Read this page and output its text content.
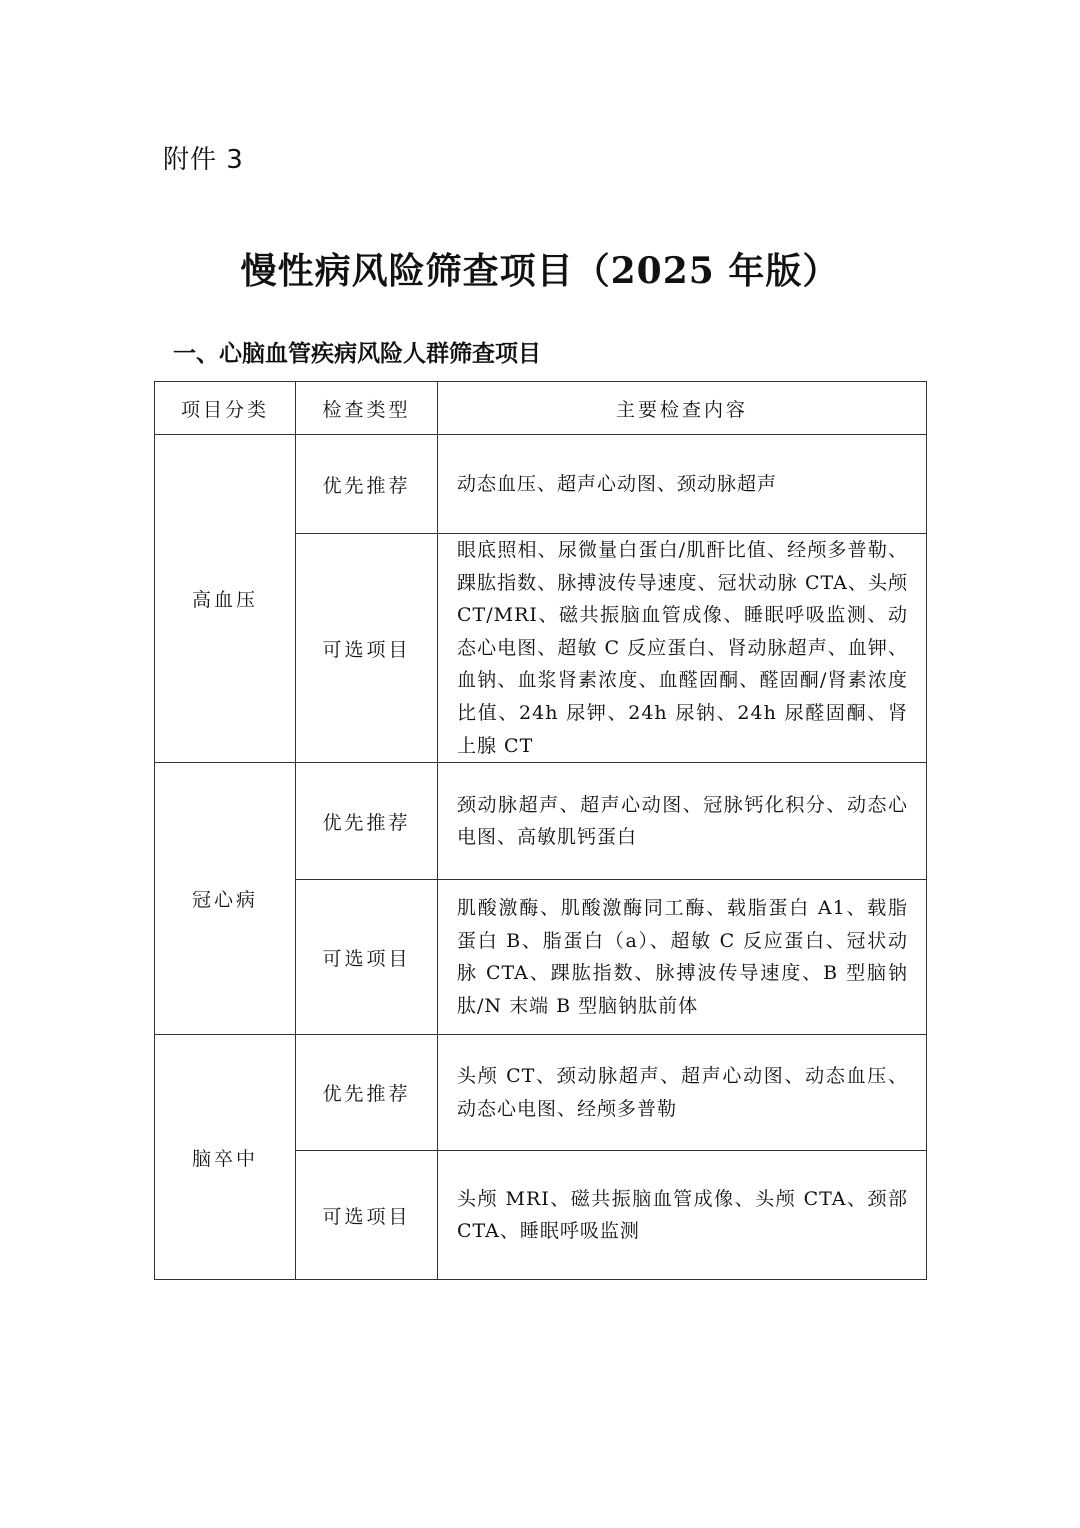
附件 3
慢性病风险筛查项目（2025 年版）
一、心脑血管疾病风险人群筛查项目
项目分类	检查类型	主要检查内容
高血压	优先推荐	动态血压、超声心动图、颈动脉超声
	可选项目	眼底照相、尿微量白蛋白/肌酐比值、经颅多普勒、踝肱指数、脉搏波传导速度、冠状动脉 CTA、头颅 CT/MRI、磁共振脑血管成像、睡眠呼吸监测、动态心电图、超敏 C 反应蛋白、肾动脉超声、血钾、血钠、血浆肾素浓度、血醛固酮、醛固酮/肾素浓度比值、24h 尿钾、24h 尿钠、24h 尿醛固酮、肾上腺 CT
冠心病	优先推荐	颈动脉超声、超声心动图、冠脉钙化积分、动态心电图、高敏肌钙蛋白
	可选项目	肌酸激酶、肌酸激酶同工酶、载脂蛋白 A1、载脂蛋白 B、脂蛋白（a）、超敏 C 反应蛋白、冠状动脉 CTA、踝肱指数、脉搏波传导速度、B 型脑钠肽/N 末端 B 型脑钠肽前体
脑卒中	优先推荐	头颅 CT、颈动脉超声、超声心动图、动态血压、动态心电图、经颅多普勒
	可选项目	头颅 MRI、磁共振脑血管成像、头颅 CTA、颈部 CTA、睡眠呼吸监测
